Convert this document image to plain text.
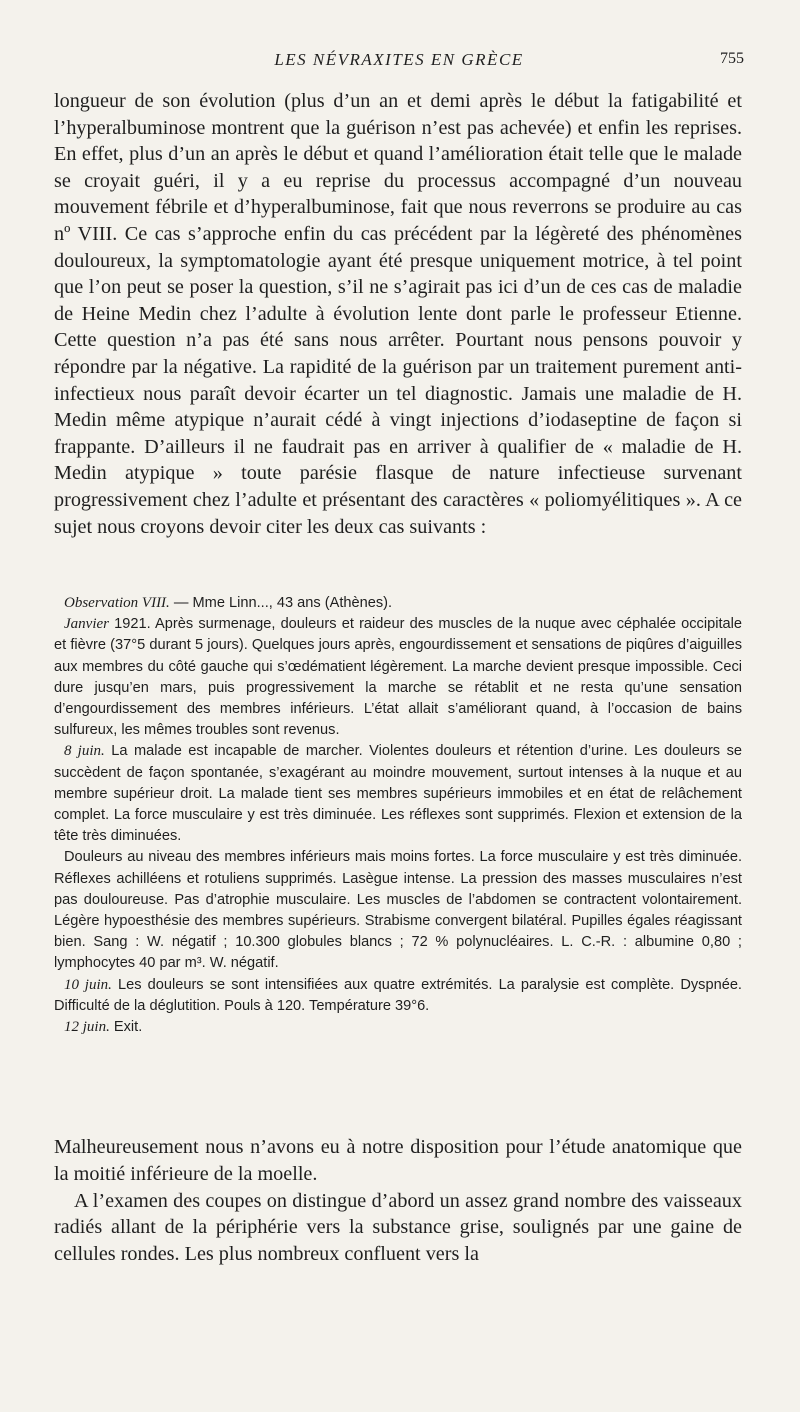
LES NÉVRAXITES EN GRÈCE	755

longueur de son évolution (plus d’un an et demi après le début la fatigabilité et l’hyperalbuminose montrent que la guérison n’est pas achevée) et enfin les reprises. En effet, plus d’un an après le début et quand l’amélioration était telle que le malade se croyait guéri, il y a eu reprise du processus accompagné d’un nouveau mouvement fébrile et d’hyperalbuminose, fait que nous reverrons se produire au cas nº VIII. Ce cas s’approche enfin du cas précédent par la légèreté des phénomènes douloureux, la symptomatologie ayant été presque uniquement motrice, à tel point que l’on peut se poser la question, s’il ne s’agirait pas ici d’un de ces cas de maladie de Heine Medin chez l’adulte à évolution lente dont parle le professeur Etienne. Cette question n’a pas été sans nous arrêter. Pourtant nous pensons pouvoir y répondre par la négative. La rapidité de la guérison par un traitement purement anti-infectieux nous paraît devoir écarter un tel diagnostic. Jamais une maladie de H. Medin même atypique n’aurait cédé à vingt injections d’iodaseptine de façon si frappante. D’ailleurs il ne faudrait pas en arriver à qualifier de « maladie de H. Medin atypique » toute parésie flasque de nature infectieuse survenant progressivement chez l’adulte et présentant des caractères « poliomyélitiques ». A ce sujet nous croyons devoir citer les deux cas suivants :

Observation VIII. — Mme Linn..., 43 ans (Athènes).

Janvier 1921. Après surmenage, douleurs et raideur des muscles de la nuque avec céphalée occipitale et fièvre (37°5 durant 5 jours). Quelques jours après, engourdissement et sensations de piqûres d’aiguilles aux membres du côté gauche qui s’œdématient légèrement. La marche devient presque impossible. Ceci dure jusqu’en mars, puis progressivement la marche se rétablit et ne resta qu’une sensation d’engourdissement des membres inférieurs. L’état allait s’améliorant quand, à l’occasion de bains sulfureux, les mêmes troubles sont revenus.

8 juin. La malade est incapable de marcher. Violentes douleurs et rétention d’urine. Les douleurs se succèdent de façon spontanée, s’exagérant au moindre mouvement, surtout intenses à la nuque et au membre supérieur droit. La malade tient ses membres supérieurs immobiles et en état de relâchement complet. La force musculaire y est très diminuée. Les réflexes sont supprimés. Flexion et extension de la tête très diminuées.

Douleurs au niveau des membres inférieurs mais moins fortes. La force musculaire y est très diminuée. Réflexes achilléens et rotuliens supprimés. Lasègue intense. La pression des masses musculaires n’est pas douloureuse. Pas d’atrophie musculaire. Les muscles de l’abdomen se contractent volontairement. Légère hypoesthésie des membres supérieurs. Strabisme convergent bilatéral. Pupilles égales réagissant bien. Sang : W. négatif ; 10.300 globules blancs ; 72 % polynucléaires. L. C.-R. : albumine 0,80 ; lymphocytes 40 par m³. W. négatif.

10 juin. Les douleurs se sont intensifiées aux quatre extrémités. La paralysie est complète. Dyspnée. Difficulté de la déglutition. Pouls à 120. Température 39°6.

12 juin. Exit.

Malheureusement nous n’avons eu à notre disposition pour l’étude anatomique que la moitié inférieure de la moelle.

A l’examen des coupes on distingue d’abord un assez grand nombre des vaisseaux radiés allant de la périphérie vers la substance grise, soulignés par une gaine de cellules rondes. Les plus nombreux confluent vers la
